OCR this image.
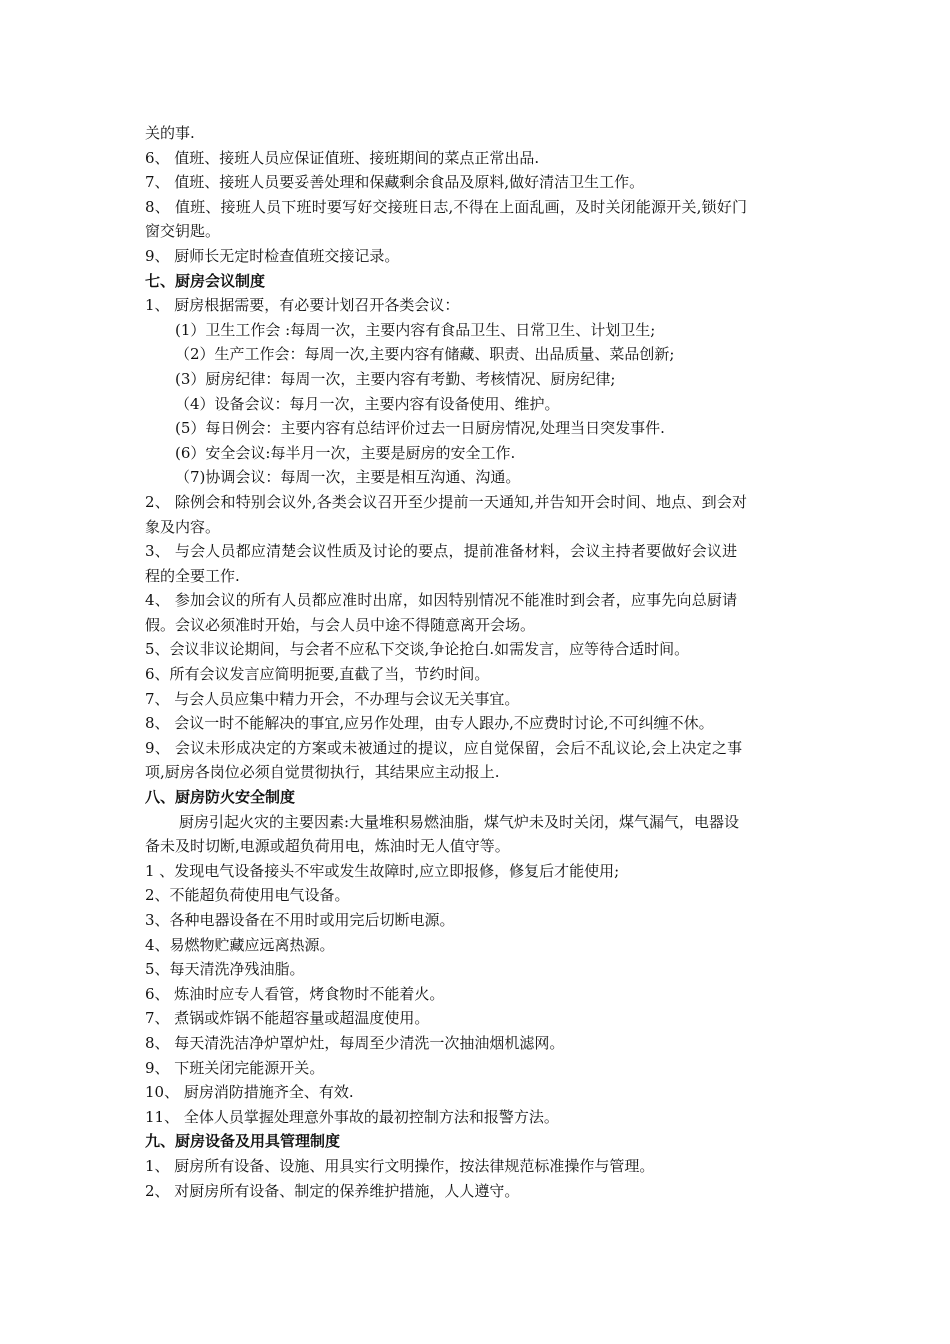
关的事.
6、 值班、接班人员应保证值班、接班期间的菜点正常出品.
7、 值班、接班人员要妥善处理和保藏剩余食品及原料,做好清洁卫生工作。
8、 值班、接班人员下班时要写好交接班日志,不得在上面乱画，及时关闭能源开关,锁好门
窗交钥匙。
9、 厨师长无定时检查值班交接记录。
七、厨房会议制度
1、 厨房根据需要，有必要计划召开各类会议：
(1）卫生工作会 :每周一次，主要内容有食品卫生、日常卫生、计划卫生;
（2）生产工作会：每周一次,主要内容有储藏、职责、出品质量、菜品创新;
(3）厨房纪律：每周一次，主要内容有考勤、考核情况、厨房纪律;
（4）设备会议：每月一次，主要内容有设备使用、维护。
(5）每日例会：主要内容有总结评价过去一日厨房情况,处理当日突发事件.
(6）安全会议:每半月一次，主要是厨房的安全工作.
（7)协调会议：每周一次，主要是相互沟通、沟通。
2、 除例会和特别会议外,各类会议召开至少提前一天通知,并告知开会时间、地点、到会对
象及内容。
3、 与会人员都应清楚会议性质及讨论的要点，提前准备材料，会议主持者要做好会议进
程的全要工作.
4、 参加会议的所有人员都应准时出席，如因特别情况不能准时到会者，应事先向总厨请
假。会议必须准时开始，与会人员中途不得随意离开会场。
5、会议非议论期间，与会者不应私下交谈,争论抢白.如需发言，应等待合适时间。
6、所有会议发言应简明扼要,直截了当，节约时间。
7、 与会人员应集中精力开会，不办理与会议无关事宜。
8、 会议一时不能解决的事宜,应另作处理，由专人跟办,不应费时讨论,不可纠缠不休。
9、 会议未形成决定的方案或未被通过的提议，应自觉保留，会后不乱议论,会上决定之事
项,厨房各岗位必须自觉贯彻执行，其结果应主动报上.
八、厨房防火安全制度
厨房引起火灾的主要因素:大量堆积易燃油脂，煤气炉未及时关闭，煤气漏气，电器设
备未及时切断,电源或超负荷用电，炼油时无人值守等。
1 、发现电气设备接头不牢或发生故障时,应立即报修，修复后才能使用;
2、不能超负荷使用电气设备。
3、各种电器设备在不用时或用完后切断电源。
4、易燃物贮藏应远离热源。
5、每天清洗净残油脂。
6、 炼油时应专人看管，烤食物时不能着火。
7、 煮锅或炸锅不能超容量或超温度使用。
8、 每天清洗洁净炉罩炉灶，每周至少清洗一次抽油烟机滤网。
9、 下班关闭完能源开关。
10、 厨房消防措施齐全、有效.
11、 全体人员掌握处理意外事故的最初控制方法和报警方法。
九、厨房设备及用具管理制度
1、 厨房所有设备、设施、用具实行文明操作，按法律规范标准操作与管理。
2、 对厨房所有设备、制定的保养维护措施，人人遵守。
